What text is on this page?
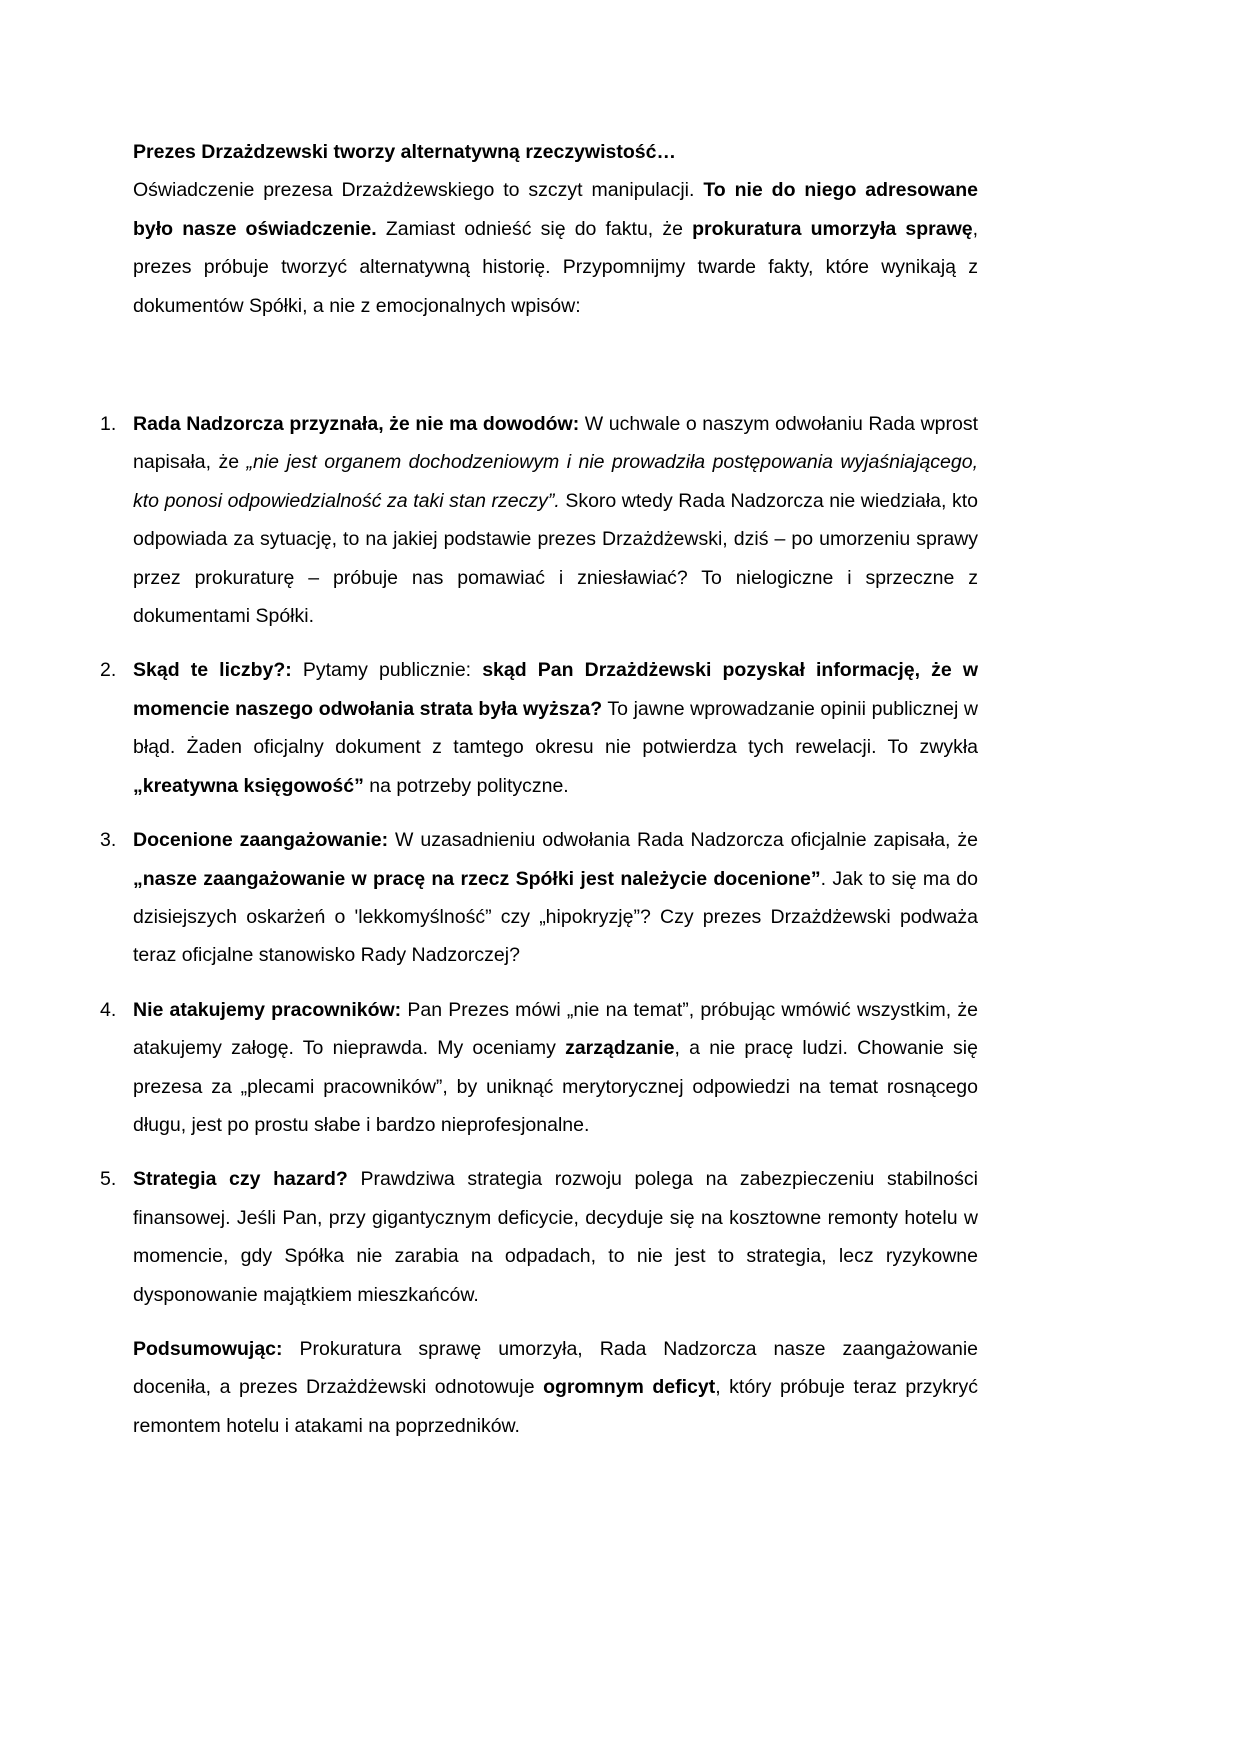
Prezes Drzażdzewski tworzy alternatywną rzeczywistość…

Oświadczenie prezesa Drzażdżewskiego to szczyt manipulacji. To nie do niego adresowane było nasze oświadczenie. Zamiast odnieść się do faktu, że prokuratura umorzyła sprawę, prezes próbuje tworzyć alternatywną historię. Przypomnijmy twarde fakty, które wynikają z dokumentów Spółki, a nie z emocjonalnych wpisów:

1. Rada Nadzorcza przyznała, że nie ma dowodów: W uchwale o naszym odwołaniu Rada wprost napisała, że „nie jest organem dochodzeniowym i nie prowadziła postępowania wyjaśniającego, kto ponosi odpowiedzialność za taki stan rzeczy”. Skoro wtedy Rada Nadzorcza nie wiedziała, kto odpowiada za sytuację, to na jakiej podstawie prezes Drzażdżewski, dziś – po umorzeniu sprawy przez prokuraturę – próbuje nas pomawiać i zniesławiać? To nielogiczne i sprzeczne z dokumentami Spółki.

2. Skąd te liczby?: Pytamy publicznie: skąd Pan Drzażdżewski pozyskał informację, że w momencie naszego odwołania strata była wyższa? To jawne wprowadzanie opinii publicznej w błąd. Żaden oficjalny dokument z tamtego okresu nie potwierdza tych rewelacji. To zwykła „kreatywna księgowość” na potrzeby polityczne.

3. Docenione zaangażowanie: W uzasadnieniu odwołania Rada Nadzorcza oficjalnie zapisała, że „nasze zaangażowanie w pracę na rzecz Spółki jest należycie docenione”. Jak to się ma do dzisiejszych oskarżeń o 'lekkomyślność” czy „hipokryzję”? Czy prezes Drzażdżewski podważa teraz oficjalne stanowisko Rady Nadzorczej?

4. Nie atakujemy pracowników: Pan Prezes mówi „nie na temat”, próbując wmówić wszystkim, że atakujemy załogę. To nieprawda. My oceniamy zarządzanie, a nie pracę ludzi. Chowanie się prezesa za „plecami pracowników”, by uniknąć merytorycznej odpowiedzi na temat rosnącego długu, jest po prostu słabe i bardzo nieprofesjonalne.

5. Strategia czy hazard? Prawdziwa strategia rozwoju polega na zabezpieczeniu stabilności finansowej. Jeśli Pan, przy gigantycznym deficycie, decyduje się na kosztowne remonty hotelu w momencie, gdy Spółka nie zarabia na odpadach, to nie jest to strategia, lecz ryzykowne dysponowanie majątkiem mieszkańców.

Podsumowując: Prokuratura sprawę umorzyła, Rada Nadzorcza nasze zaangażowanie doceniła, a prezes Drzażdżewski odnotowuje ogromnym deficyt, który próbuje teraz przykryć remontem hotelu i atakami na poprzedników.
